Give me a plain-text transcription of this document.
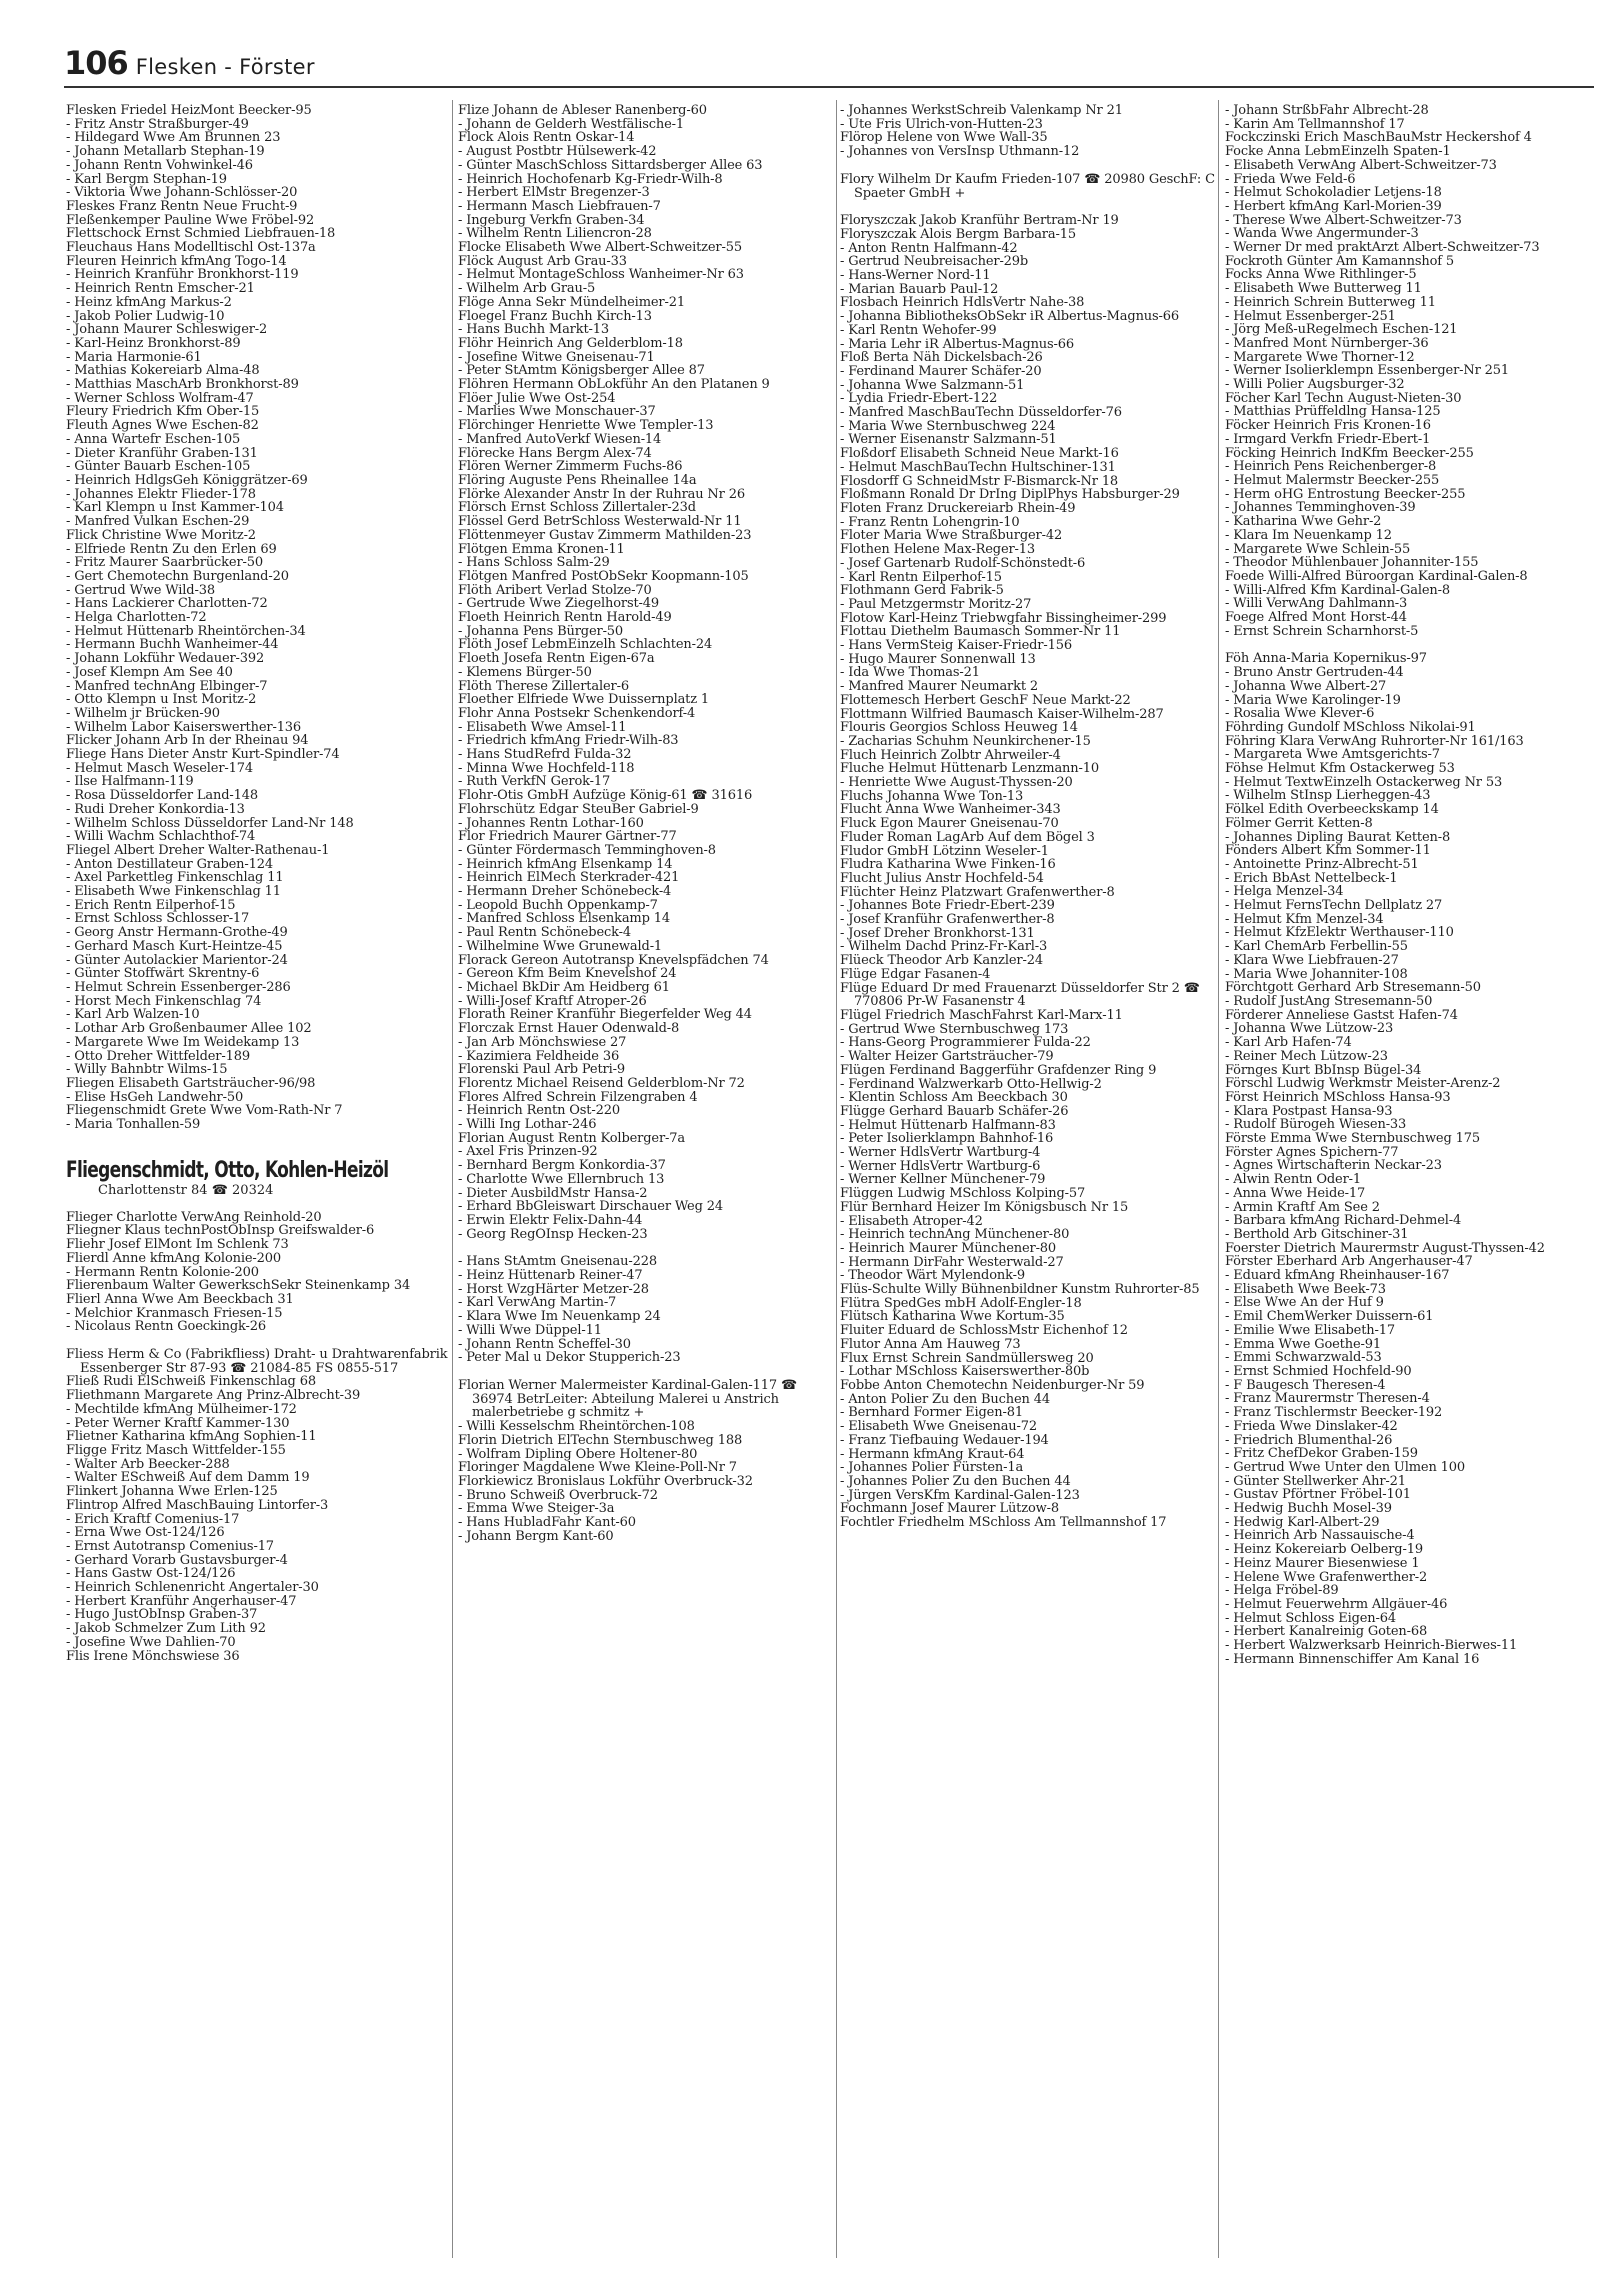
106 Flesken - Förster
Flesken Friedel HeizMont Beecker-95
- Fritz Anstr Straßburger-49
- Hildegard Wwe Am Brunnen 23
- Johann Metallarb Stephan-19
- Johann Rentn Vohwinkel-46
- Karl Bergm Stephan-19
- Viktoria Wwe Johann-Schlösser-20
Fleskes Franz Rentn Neue Frucht-9
Fleßenkemper Pauline Wwe Fröbel-92
Flettschock Ernst Schmied Liebfrauen-18
Fleuchaus Hans Modelltischl Ost-137a
Fleuren Heinrich kfmAng Togo-14
- Heinrich Kranführ Bronkhorst-119
- Heinrich Rentn Emscher-21
- Heinz kfmAng Markus-2
- Jakob Polier Ludwig-10
- Johann Maurer Schleswiger-2
- Karl-Heinz Bronkhorst-89
- Maria Harmonie-61
- Mathias Kokereiarb Alma-48
- Matthias MaschArb Bronkhorst-89
- Werner Schloss Wolfram-47
Fleury Friedrich Kfm Ober-15
Fleuth Agnes Wwe Eschen-82
- Anna Wartefr Eschen-105
- Dieter Kranführ Graben-131
- Günter Bauarb Eschen-105
- Heinrich HdlgsGeh Königgrätzer-69
- Johannes Elektr Flieder-178
- Karl Klempn u Inst Kammer-104
- Manfred Vulkan Eschen-29
Flick Christine Wwe Moritz-2
- Elfriede Rentn Zu den Erlen 69
- Fritz Maurer Saarbrücker-50
- Gert Chemotechn Burgenland-20
- Gertrud Wwe Wild-38
- Hans Lackierer Charlotten-72
- Helga Charlotten-72
- Helmut Hüttenarb Rheintörchen-34
- Hermann Buchh Wanheimer-44
- Johann Lokführ Wedauer-392
- Josef Klempn Am See 40
- Manfred technAng Elbinger-7
- Otto Klempn u Inst Moritz-2
- Wilhelm jr Brücken-90
- Wilhelm Labor Kaiserswerther-136
Flicker Johann Arb In der Rheinau 94
Fliege Hans Dieter Anstr Kurt-Spindler-74
- Helmut Masch Weseler-174
- Ilse Halfmann-119
- Rosa Düsseldorfer Land-148
- Rudi Dreher Konkordia-13
- Wilhelm Schloss Düsseldorfer Land-Nr 148
- Willi Wachm Schlachthof-74
Fliegel Albert Dreher Walter-Rathenau-1
- Anton Destillateur Graben-124
- Axel Parkettleg Finkenschlag 11
- Elisabeth Wwe Finkenschlag 11
- Erich Rentn Eilperhof-15
- Ernst Schloss Schlosser-17
- Georg Anstr Hermann-Grothe-49
- Gerhard Masch Kurt-Heintze-45
- Günter Autolackier Marientor-24
- Günter Stoffwärt Skrentny-6
- Helmut Schrein Essenberger-286
- Horst Mech Finkenschlag 74
- Karl Arb Walzen-10
- Lothar Arb Großenbaumer Allee 102
- Margarete Wwe Im Weidekamp 13
- Otto Dreher Wittfelder-189
- Willy Bahnbtr Wilms-15
Fliegen Elisabeth Gartsträucher-96/98
- Elise HsGeh Landwehr-50
Fliegenschmidt Grete Wwe Vom-Rath-Nr 7
- Maria Tonhallen-59
Fliegenschmidt, Otto, Kohlen-Heizöl
Charlottenstr 84 ☎ 20324
Flieger Charlotte VerwAng Reinhold-20
Fliegner Klaus technPostObInsp Greifswalder-6
Fliehr Josef ElMont Im Schlenk 73
Flierdl Anne kfmAng Kolonie-200
- Hermann Rentn Kolonie-200
Flierenbaum Walter GewerkschSekr Steinenkamp 34
Flierl Anna Wwe Am Beeckbach 31
- Melchior Kranmasch Friesen-15
- Nicolaus Rentn Goeckingk-26
Fliess Herm & Co (Fabrikfliess) Draht- u Drahtwarenfabrik Essenberger Str 87-93 ☎ 21084-85 FS 0855-517
Fließ Rudi ElSchweiß Finkenschlag 68
Fliethmann Margarete Ang Prinz-Albrecht-39
- Mechtilde kfmAng Mülheimer-172
- Peter Werner Kraftf Kammer-130
Flietner Katharina kfmAng Sophien-11
Fligge Fritz Masch Wittfelder-155
- Walter Arb Beecker-288
- Walter ESchweiß Auf dem Damm 19
Flinkert Johanna Wwe Erlen-125
Flintrop Alfred MaschBauing Lintorfer-3
- Erich Kraftf Comenius-17
- Erna Wwe Ost-124/126
- Ernst Autotransp Comenius-17
- Gerhard Vorarb Gustavsburger-4
- Hans Gastw Ost-124/126
- Heinrich Schlenenricht Angertaler-30
- Herbert Kranführ Angerhauser-47
- Hugo JustObInsp Graben-37
- Jakob Schmelzer Zum Lith 92
- Josefine Wwe Dahlien-70
Flis Irene Mönchswiese 36
Flize Johann de Ableser Ranenberg-60
- Johann de Gelderh Westfälische-1
Flock Alois Rentn Oskar-14
- August Postbtr Hülsewerk-42
- Günter MaschSchloss Sittardsberger Allee 63
- Heinrich Hochofenarb Kg-Friedr-Wilh-8
- Herbert ElMstr Bregenzer-3
- Hermann Masch Liebfrauen-7
- Ingeburg Verkfn Graben-34
- Wilhelm Rentn Liliencron-28
Flocke Elisabeth Wwe Albert-Schweitzer-55
Flöck August Arb Grau-33
- Helmut MontageSchloss Wanheimer-Nr 63
- Wilhelm Arb Grau-5
Flöge Anna Sekr Mündelheimer-21
Floegel Franz Buchh Kirch-13
- Hans Buchh Markt-13
Flöhr Heinrich Ang Gelderblom-18
- Josefine Witwe Gneisenau-71
- Peter StAmtm Königsberger Allee 87
Flöhren Hermann ObLokführ An den Platanen 9
Flöer Julie Wwe Ost-254
- Marlies Wwe Monschauer-37
Flörchinger Henriette Wwe Templer-13
- Manfred AutoVerkf Wiesen-14
Flörecke Hans Bergm Alex-74
Flören Werner Zimmerm Fuchs-86
Flöring Auguste Pens Rheinallee 14a
Flörke Alexander Anstr In der Ruhrau Nr 26
Flörsch Ernst Schloss Zillertaler-23d
Flössel Gerd BetrSchloss Westerwald-Nr 11
Flöttenmeyer Gustav Zimmerm Mathilden-23
Flötgen Emma Kronen-11
- Hans Schloss Salm-29
Flötgen Manfred PostObSekr Koopmann-105
Flöth Aribert Verlad Stolze-70
- Gertrude Wwe Ziegelhorst-49
Floeth Heinrich Rentn Harold-49
- Johanna Pens Bürger-50
Flöth Josef LebmEinzelh Schlachten-24
Floeth Josefa Rentn Eigen-67a
- Klemens Bürger-50
Flöth Therese Zillertaler-6
Floether Elfriede Wwe Duissernplatz 1
Flohr Anna Postsekr Schenkendorf-4
- Elisabeth Wwe Amsel-11
- Friedrich kfmAng Friedr-Wilh-83
- Hans StudRefrd Fulda-32
- Minna Wwe Hochfeld-118
- Ruth VerkfN Gerok-17
Flohr-Otis GmbH Aufzüge König-61 ☎ 31616
Flohrschütz Edgar SteuBer Gabriel-9
- Johannes Rentn Lothar-160
Flor Friedrich Maurer Gärtner-77
- Günter Fördermasch Temminghoven-8
- Heinrich kfmAng Elsenkamp 14
- Heinrich ElMech Sterkrader-421
- Hermann Dreher Schönebeck-4
- Leopold Buchh Oppenkamp-7
- Manfred Schloss Elsenkamp 14
- Paul Rentn Schönebeck-4
- Wilhelmine Wwe Grunewald-1
Florack Gereon Autotransp Knevelspfädchen 74
- Gereon Kfm Beim Knevelshof 24
- Michael BkDir Am Heidberg 61
- Willi-Josef Kraftf Atroper-26
Florath Reiner Kranführ Biegerfelder Weg 44
Florczak Ernst Hauer Odenwald-8
- Jan Arb Mönchswiese 27
- Kazimiera Feldheide 36
Florenski Paul Arb Petri-9
Florentz Michael Reisend Gelderblom-Nr 72
Flores Alfred Schrein Filzengraben 4
- Heinrich Rentn Ost-220
- Willi Ing Lothar-246
Florian August Rentn Kolberger-7a
- Axel Fris Prinzen-92
- Bernhard Bergm Konkordia-37
- Charlotte Wwe Ellernbruch 13
- Dieter AusbildMstr Hansa-2
- Erhard BbGleiswart Dirschauer Weg 24
- Erwin Elektr Felix-Dahn-44
- Georg RegOInsp Hecken-23
- Hans StAmtm Gneisenau-228
- Heinz Hüttenarb Reiner-47
- Horst WzgHärter Metzer-28
- Karl VerwAng Martin-7
- Klara Wwe Im Neuenkamp 24
- Willi Wwe Düppel-11
- Johann Rentn Scheffel-30
- Peter Mal u Dekor Stupperich-23
Florian Werner Malermeister Kardinal-Galen-117 ☎ 36974 BetrLeiter: Abteilung Malerei u Anstrich malerbetriebe g schmitz +
- Willi Kesselschm Rheintörchen-108
Florin Dietrich ElTechn Sternbuschweg 188
- Wolfram Dipling Obere Holtener-80
Floringer Magdalene Wwe Kleine-Poll-Nr 7
Florkiewicz Bronislaus Lokführ Overbruck-32
- Bruno Schweiß Overbruck-72
- Emma Wwe Steiger-3a
- Hans HubladFahr Kant-60
- Johann Bergm Kant-60
- Johannes WerkstSchreib Valenkamp Nr 21
- Ute Fris Ulrich-von-Hutten-23
Flörop Helene von Wwe Wall-35
- Johannes von VersInsp Uthmann-12
Flory Wilhelm Dr Kaufm Frieden-107 ☎ 20980 GeschF: C Spaeter GmbH +
Floryszczak Jakob Kranführ Bertram-Nr 19
Floryszczak Alois Bergm Barbara-15
- Anton Rentn Halfmann-42
- Gertrud Neubreisacher-29b
- Hans-Werner Nord-11
- Marian Bauarb Paul-12
Flosbach Heinrich HdlsVertr Nahe-38
- Johanna BibliotheksObSekr iR Albertus-Magnus-66
- Karl Rentn Wehofer-99
- Maria Lehr iR Albertus-Magnus-66
Floß Berta Näh Dickelsbach-26
- Ferdinand Maurer Schäfer-20
- Johanna Wwe Salzmann-51
- Lydia Friedr-Ebert-122
- Manfred MaschBauTechn Düsseldorfer-76
- Maria Wwe Sternbuschweg 224
- Werner Eisenanstr Salzmann-51
Floßdorf Elisabeth Schneid Neue Markt-16
- Helmut MaschBauTechn Hultschiner-131
Flosdorff G SchneidMstr F-Bismarck-Nr 18
Floßmann Ronald Dr DrIng DiplPhys Habsburger-29
Floten Franz Druckereiarb Rhein-49
- Franz Rentn Lohengrin-10
Floter Maria Wwe Straßburger-42
Flothen Helene Max-Reger-13
- Josef Gartenarb Rudolf-Schönstedt-6
- Karl Rentn Eilperhof-15
Flothmann Gerd Fabrik-5
- Paul Metzgermstr Moritz-27
Flotow Karl-Heinz Triebwgfahr Bissingheimer-299
Flottau Diethelm Baumasch Sommer-Nr 11
- Hans VermSteig Kaiser-Friedr-156
- Hugo Maurer Sonnenwall 13
- Ida Wwe Thomas-21
- Manfred Maurer Neumarkt 2
Flottemesch Herbert GeschF Neue Markt-22
Flottmann Wilfried Baumasch Kaiser-Wilhelm-287
Flouris Georgios Schloss Heuweg 14
- Zacharias Schuhm Neunkirchener-15
Fluch Heinrich Zolbtr Ahrweiler-4
Fluche Helmut Hüttenarb Lenzmann-10
- Henriette Wwe August-Thyssen-20
Fluchs Johanna Wwe Ton-13
Flucht Anna Wwe Wanheimer-343
Fluck Egon Maurer Gneisenau-70
Fluder Roman LagArb Auf dem Bögel 3
Fludor GmbH Lötzinn Weseler-1
Fludra Katharina Wwe Finken-16
Flucht Julius Anstr Hochfeld-54
Flüchter Heinz Platzwart Grafenwerther-8
- Johannes Bote Friedr-Ebert-239
- Josef Kranführ Grafenwerther-8
- Josef Dreher Bronkhorst-131
- Wilhelm Dachd Prinz-Fr-Karl-3
Flüeck Theodor Arb Kanzler-24
Flüge Edgar Fasanen-4
Flüge Eduard Dr med Frauenarzt Düsseldorfer Str 2 ☎ 770806 Pr-W Fasanenstr 4
Flügel Friedrich MaschFahrst Karl-Marx-11
- Gertrud Wwe Sternbuschweg 173
- Hans-Georg Programmierer Fulda-22
- Walter Heizer Gartsträucher-79
Flügen Ferdinand Baggerführ Grafdenzer Ring 9
- Ferdinand Walzwerkarb Otto-Hellwig-2
- Klentin Schloss Am Beeckbach 30
Flügge Gerhard Bauarb Schäfer-26
- Helmut Hüttenarb Halfmann-83
- Peter Isolierklampn Bahnhof-16
- Werner HdlsVertr Wartburg-4
- Werner HdlsVertr Wartburg-6
- Werner Kellner Münchener-79
Flüggen Ludwig MSchloss Kolping-57
Flür Bernhard Heizer Im Königsbusch Nr 15
- Elisabeth Atroper-42
- Heinrich technAng Münchener-80
- Heinrich Maurer Münchener-80
- Hermann DirFahr Westerwald-27
- Theodor Wärt Mylendonk-9
Flüs-Schulte Willy Bühnenbildner Kunstm Ruhrorter-85
Flütra SpedGes mbH Adolf-Engler-18
Flütsch Katharina Wwe Kortum-35
Fluiter Eduard de SchlossMstr Eichenhof 12
Flutor Anna Am Hauweg 73
Flux Ernst Schrein Sandmüllersweg 20
- Lothar MSchloss Kaiserswerther-80b
Fobbe Anton Chemotechn Neidenburger-Nr 59
- Anton Polier Zu den Buchen 44
- Bernhard Former Eigen-81
- Elisabeth Wwe Gneisenau-72
- Franz Tiefbauing Wedauer-194
- Hermann kfmAng Kraut-64
- Johannes Polier Fürsten-1a
- Johannes Polier Zu den Buchen 44
- Jürgen VersKfm Kardinal-Galen-123
Fochmann Josef Maurer Lützow-8
Fochtler Friedhelm MSchloss Am Tellmannshof 17
- Johann StrßbFahr Albrecht-28
- Karin Am Tellmannshof 17
Fockczinski Erich MaschBauMstr Heckershof 4
Focke Anna LebmEinzelh Spaten-1
- Elisabeth VerwAng Albert-Schweitzer-73
- Frieda Wwe Feld-6
- Helmut Schokoladier Letjens-18
- Herbert kfmAng Karl-Morien-39
- Therese Wwe Albert-Schweitzer-73
- Wanda Wwe Angermunder-3
- Werner Dr med praktArzt Albert-Schweitzer-73
Fockroth Günter Am Kamannshof 5
Focks Anna Wwe Rithlinger-5
- Elisabeth Wwe Butterweg 11
- Heinrich Schrein Butterweg 11
- Helmut Essenberger-251
- Jörg Meß-uRegelmech Eschen-121
- Manfred Mont Nürnberger-36
- Margarete Wwe Thorner-12
- Werner Isolierklempn Essenberger-Nr 251
- Willi Polier Augsburger-32
Föcher Karl Techn August-Nieten-30
- Matthias Prüffeldlng Hansa-125
Föcker Heinrich Fris Kronen-16
- Irmgard Verkfn Friedr-Ebert-1
Föcking Heinrich IndKfm Beecker-255
- Heinrich Pens Reichenberger-8
- Helmut Malermstr Beecker-255
- Herm oHG Entrostung Beecker-255
- Johannes Temminghoven-39
- Katharina Wwe Gehr-2
- Klara Im Neuenkamp 12
- Margarete Wwe Schlein-55
- Theodor Mühlenbauer Johanniter-155
Foede Willi-Alfred Büroorgan Kardinal-Galen-8
- Willi-Alfred Kfm Kardinal-Galen-8
- Willi VerwAng Dahlmann-3
Foege Alfred Mont Horst-44
- Ernst Schrein Scharnhorst-5
Föh Anna-Maria Kopernikus-97
- Bruno Anstr Gertruden-44
- Johanna Wwe Albert-27
- Maria Wwe Karolinger-19
- Rosalia Wwe Klever-6
Föhrding Gundolf MSchloss Nikolai-91
Föhring Klara VerwAng Ruhrorter-Nr 161/163
- Margareta Wwe Amtsgerichts-7
Föhse Helmut Kfm Ostackerweg 53
- Helmut TextwEinzelh Ostackerweg Nr 53
- Wilhelm StInsp Lierheggen-43
Fölkel Edith Overbeeckskamp 14
Fölmer Gerrit Ketten-8
- Johannes Dipling Baurat Ketten-8
Fönders Albert Kfm Sommer-11
- Antoinette Prinz-Albrecht-51
- Erich BbAst Nettelbeck-1
- Helga Menzel-34
- Helmut FernsTechn Dellplatz 27
- Helmut Kfm Menzel-34
- Helmut KfzElektr Werthauser-110
- Karl ChemArb Ferbellin-55
- Klara Wwe Liebfrauen-27
- Maria Wwe Johanniter-108
Förchtgott Gerhard Arb Stresemann-50
- Rudolf JustAng Stresemann-50
Förderer Anneliese Gastst Hafen-74
- Johanna Wwe Lützow-23
- Karl Arb Hafen-74
- Reiner Mech Lützow-23
Förnges Kurt BbInsp Bügel-34
Förschl Ludwig Werkmstr Meister-Arenz-2
Först Heinrich MSchloss Hansa-93
- Klara Postpast Hansa-93
- Rudolf Bürogeh Wiesen-33
Förste Emma Wwe Sternbuschweg 175
Förster Agnes Spichern-77
- Agnes Wirtschafterin Neckar-23
- Alwin Rentn Oder-1
- Anna Wwe Heide-17
- Armin Kraftf Am See 2
- Barbara kfmAng Richard-Dehmel-4
- Berthold Arb Gitschiner-31
Foerster Dietrich Maurermstr August-Thyssen-42
Förster Eberhard Arb Angerhauser-47
- Eduard kfmAng Rheinhauser-167
- Elisabeth Wwe Beek-73
- Else Wwe An der Huf 9
- Emil ChemWerker Duissern-61
- Emilie Wwe Elisabeth-17
- Emma Wwe Goethe-91
- Emmi Schwarzwald-53
- Ernst Schmied Hochfeld-90
- F Baugesch Theresen-4
- Franz Maurermstr Theresen-4
- Franz Tischlermstr Beecker-192
- Frieda Wwe Dinslaker-42
- Friedrich Blumenthal-26
- Fritz ChefDekor Graben-159
- Gertrud Wwe Unter den Ulmen 100
- Günter Stellwerker Ahr-21
- Gustav Pförtner Fröbel-101
- Hedwig Buchh Mosel-39
- Hedwig Karl-Albert-29
- Heinrich Arb Nassauische-4
- Heinz Kokereiarb Oelberg-19
- Heinz Maurer Biesenwiese 1
- Helene Wwe Grafenwerther-2
- Helga Fröbel-89
- Helmut Feuerwehrm Allgäuer-46
- Helmut Schloss Eigen-64
- Herbert Kanalreinig Goten-68
- Herbert Walzwerksarb Heinrich-Bierwes-11
- Hermann Binnenschiffer Am Kanal 16
